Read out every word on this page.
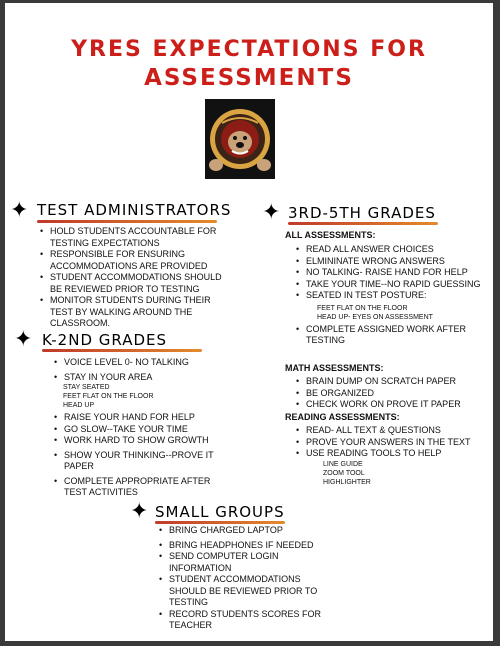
YRES EXPECTATIONS FOR
ASSESSMENTS
✦ TEST ADMINISTRATORS
• HOLD STUDENTS ACCOUNTABLE FOR TESTING EXPECTATIONS
• RESPONSIBLE FOR ENSURING ACCOMMODATIONS ARE PROVIDED
• STUDENT ACCOMMODATIONS SHOULD BE REVIEWED PRIOR TO TESTING
• MONITOR STUDENTS DURING THEIR TEST BY WALKING AROUND THE CLASSROOM.
✦ K-2ND GRADES
• VOICE LEVEL 0- NO TALKING
• STAY IN YOUR AREA
STAY SEATED
FEET FLAT ON THE FLOOR
HEAD UP
• RAISE YOUR HAND FOR HELP
• GO SLOW--TAKE YOUR TIME
• WORK HARD TO SHOW GROWTH
• SHOW YOUR THINKING--PROVE IT PAPER
• COMPLETE APPROPRIATE AFTER TEST ACTIVITIES
✦ 3RD-5TH GRADES
ALL ASSESSMENTS:
• READ ALL ANSWER CHOICES
• ELMININATE WRONG ANSWERS
• NO TALKING- RAISE HAND FOR HELP
• TAKE YOUR TIME--NO RAPID GUESSING
• SEATED IN TEST POSTURE:
FEET FLAT ON THE FLOOR
HEAD UP- EYES ON ASSESSMENT
• COMPLETE ASSIGNED WORK AFTER TESTING
MATH ASSESSMENTS:
• BRAIN DUMP ON SCRATCH PAPER
• BE ORGANIZED
• CHECK WORK ON PROVE IT PAPER
READING ASSESSMENTS:
• READ- ALL TEXT & QUESTIONS
• PROVE YOUR ANSWERS IN THE TEXT
• USE READING TOOLS TO HELP
LINE GUIDE
ZOOM TOOL
HIGHLIGHTER
✦ SMALL GROUPS
• BRING CHARGED LAPTOP
• BRING HEADPHONES IF NEEDED
• SEND COMPUTER LOGIN INFORMATION
• STUDENT ACCOMMODATIONS SHOULD BE REVIEWED PRIOR TO TESTING
• RECORD STUDENTS SCORES FOR TEACHER
